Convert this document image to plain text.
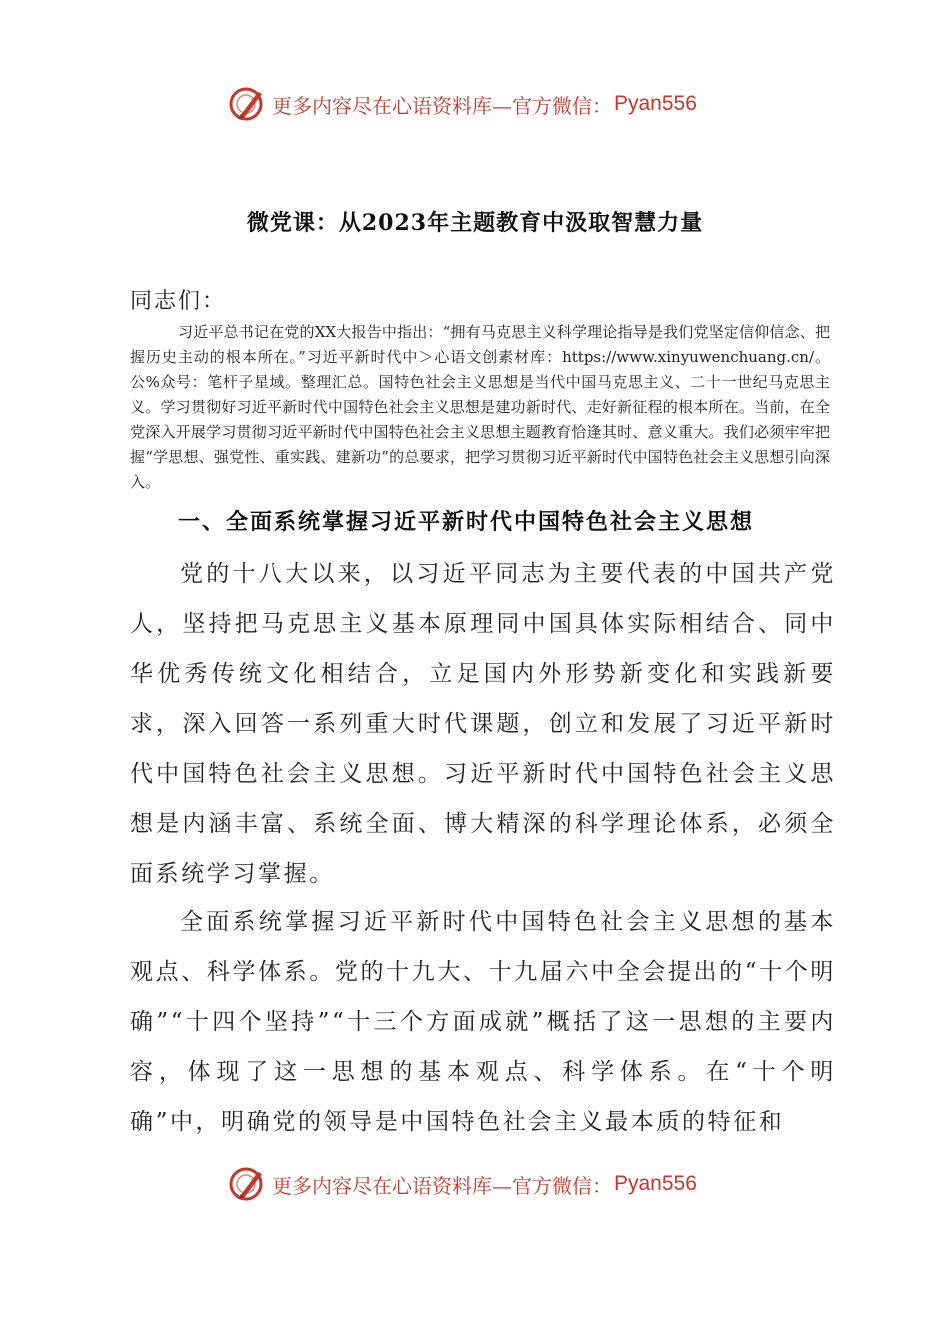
更多内容尽在心语资料库—官方微信： Pyan556
微党课：从2023年主题教育中汲取智慧力量
同志们：
习近平总书记在党的XX大报告中指出：“拥有马克思主义科学理论指导是我们党坚定信仰信念、把握历史主动的根本所在。”习近平新时代中＞心语文创素材库：https://www.xinyuwenchuang.cn/。公%众号：笔杆子星域。整理汇总。国特色社会主义思想是当代中国马克思主义、二十一世纪马克思主义。学习贯彻好习近平新时代中国特色社会主义思想是建功新时代、走好新征程的根本所在。当前，在全党深入开展学习贯彻习近平新时代中国特色社会主义思想主题教育恰逢其时、意义重大。我们必须牢牢把握“学思想、强党性、重实践、建新功”的总要求，把学习贯彻习近平新时代中国特色社会主义思想引向深入。
一、全面系统掌握习近平新时代中国特色社会主义思想
党的十八大以来，以习近平同志为主要代表的中国共产党人，坚持把马克思主义基本原理同中国具体实际相结合、同中华优秀传统文化相结合，立足国内外形势新变化和实践新要求，深入回答一系列重大时代课题，创立和发展了习近平新时代中国特色社会主义思想。习近平新时代中国特色社会主义思想是内涵丰富、系统全面、博大精深的科学理论体系，必须全面系统学习掌握。
全面系统掌握习近平新时代中国特色社会主义思想的基本观点、科学体系。党的十九大、十九届六中全会提出的“十个明确”“十四个坚持”“十三个方面成就”概括了这一思想的主要内容，体现了这一思想的基本观点、科学体系。在“十个明确”中，明确党的领导是中国特色社会主义最本质的特征和
更多内容尽在心语资料库—官方微信： Pyan556
